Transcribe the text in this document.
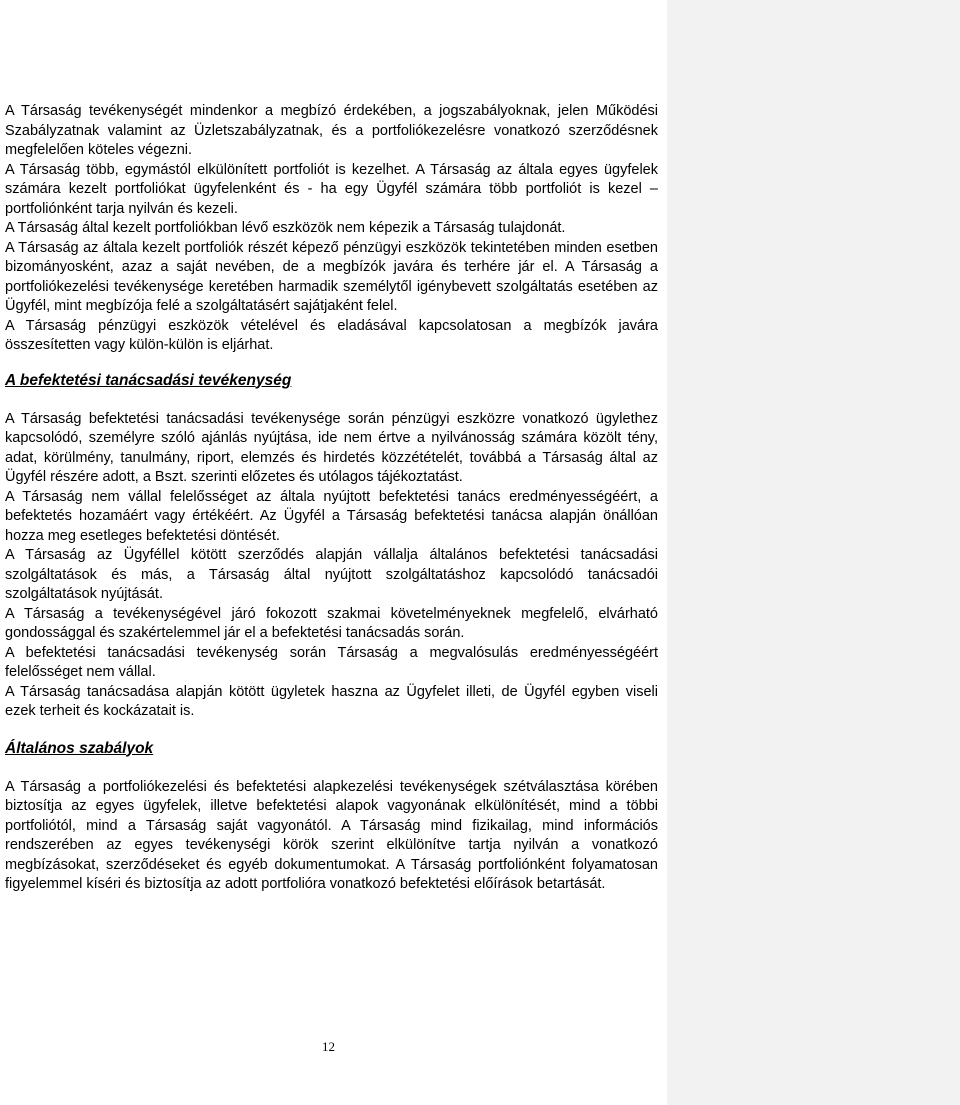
A Társaság tevékenységét mindenkor a megbízó érdekében, a jogszabályoknak, jelen Működési Szabályzatnak valamint az Üzletszabályzatnak, és a portfoliókezelésre vonatkozó szerződésnek megfelelően köteles végezni.

A Társaság több, egymástól elkülönített portfoliót is kezelhet. A Társaság az általa egyes ügyfelek számára kezelt portfoliókat ügyfelenként és - ha egy Ügyfél számára több portfoliót is kezel – portfoliónként tarja nyilván és kezeli.

A Társaság által kezelt portfoliókban lévő eszközök nem képezik a Társaság tulajdonát.

A Társaság az általa kezelt portfoliók részét képező pénzügyi eszközök tekintetében minden esetben bizományosként, azaz a saját nevében, de a megbízók javára és terhére jár el. A Társaság a portfoliókezelési tevékenysége keretében harmadik személytől igénybevett szolgáltatás esetében az Ügyfél, mint megbízója felé a szolgáltatásért sajátjaként felel.

A Társaság pénzügyi eszközök vételével és eladásával kapcsolatosan a megbízók javára összesítetten vagy külön-külön is eljárhat.

A befektetési tanácsadási tevékenység

A Társaság befektetési tanácsadási tevékenysége során pénzügyi eszközre vonatkozó ügylethez kapcsolódó, személyre szóló ajánlás nyújtása, ide nem értve a nyilvánosság számára közölt tény, adat, körülmény, tanulmány, riport, elemzés és hirdetés közzétételét, továbbá a Társaság által az Ügyfél részére adott, a Bszt. szerinti előzetes és utólagos tájékoztatást.

A Társaság nem vállal felelősséget az általa nyújtott befektetési tanács eredményességéért, a befektetés hozamáért vagy értékéért. Az Ügyfél a Társaság befektetési tanácsa alapján önállóan hozza meg esetleges befektetési döntését.

A Társaság az Ügyféllel kötött szerződés alapján vállalja általános befektetési tanácsadási szolgáltatások és más, a Társaság által nyújtott szolgáltatáshoz kapcsolódó tanácsadói szolgáltatások nyújtását.

A Társaság a tevékenységével járó fokozott szakmai követelményeknek megfelelő, elvárható gondossággal és szakértelemmel jár el a befektetési tanácsadás során.

A befektetési tanácsadási tevékenység során Társaság a megvalósulás eredményességéért felelősséget nem vállal.

A Társaság tanácsadása alapján kötött ügyletek haszna az Ügyfelet illeti, de Ügyfél egyben viseli ezek terheit és kockázatait is.

Általános szabályok

A Társaság a portfoliókezelési és befektetési alapkezelési tevékenységek szétválasztása körében biztosítja az egyes ügyfelek, illetve befektetési alapok vagyonának elkülönítését, mind a többi portfoliótól, mind a Társaság saját vagyonától. A Társaság mind fizikailag, mind információs rendszerében az egyes tevékenységi körök szerint elkülönítve tartja nyilván a vonatkozó megbízásokat, szerződéseket és egyéb dokumentumokat. A Társaság portfoliónként folyamatosan figyelemmel kíséri és biztosítja az adott portfolióra vonatkozó befektetési előírások betartását.

12
